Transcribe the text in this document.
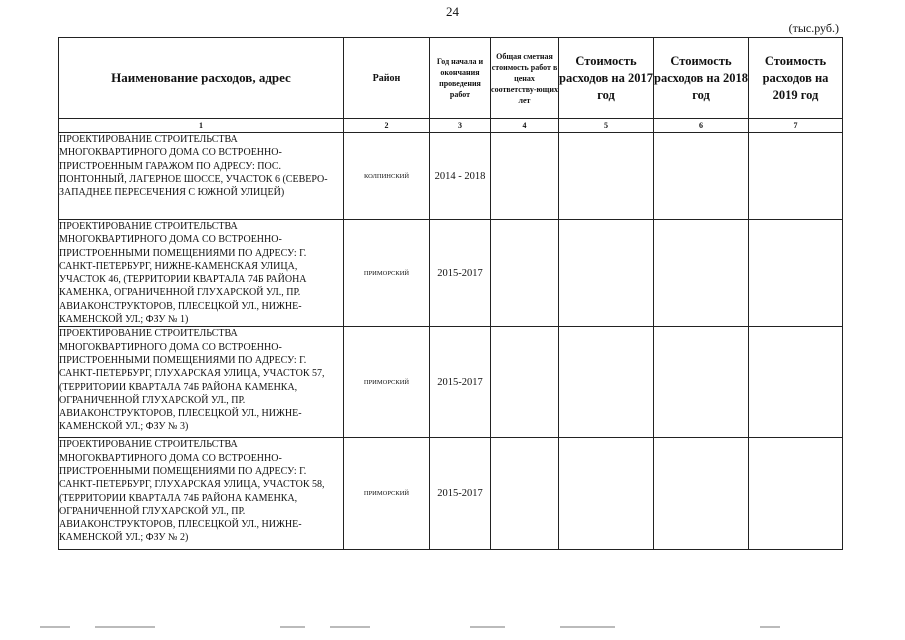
24
(тыс.руб.)
Наименование расходов, адрес	Район	Год начала и окончания проведения работ	Общая сметная стоимость работ в ценах соответству-ющих лет	Стоимость расходов на 2017 год	Стоимость расходов на 2018 год	Стоимость расходов на 2019 год
1	2	3	4	5	6	7
ПРОЕКТИРОВАНИЕ СТРОИТЕЛЬСТВА МНОГОКВАРТИРНОГО ДОМА СО ВСТРОЕННО-ПРИСТРОЕННЫМ ГАРАЖОМ ПО АДРЕСУ: ПОС. ПОНТОННЫЙ, ЛАГЕРНОЕ ШОССЕ, УЧАСТОК 6 (СЕВЕРО-ЗАПАДНЕЕ ПЕРЕСЕЧЕНИЯ С ЮЖНОЙ УЛИЦЕЙ)	КОЛПИНСКИЙ	2014 - 2018				
ПРОЕКТИРОВАНИЕ СТРОИТЕЛЬСТВА МНОГОКВАРТИРНОГО ДОМА СО ВСТРОЕННО-ПРИСТРОЕННЫМИ ПОМЕЩЕНИЯМИ ПО АДРЕСУ: Г. САНКТ-ПЕТЕРБУРГ, НИЖНЕ-КАМЕНСКАЯ УЛИЦА, УЧАСТОК 46, (ТЕРРИТОРИИ КВАРТАЛА 74Б РАЙОНА КАМЕНКА, ОГРАНИЧЕННОЙ ГЛУХАРСКОЙ УЛ., ПР. АВИАКОНСТРУКТОРОВ, ПЛЕСЕЦКОЙ УЛ., НИЖНЕ-КАМЕНСКОЙ УЛ.; ФЗУ № 1)	ПРИМОРСКИЙ	2015-2017				
ПРОЕКТИРОВАНИЕ СТРОИТЕЛЬСТВА МНОГОКВАРТИРНОГО ДОМА СО ВСТРОЕННО-ПРИСТРОЕННЫМИ ПОМЕЩЕНИЯМИ ПО АДРЕСУ: Г. САНКТ-ПЕТЕРБУРГ, ГЛУХАРСКАЯ УЛИЦА, УЧАСТОК 57, (ТЕРРИТОРИИ КВАРТАЛА 74Б РАЙОНА КАМЕНКА, ОГРАНИЧЕННОЙ ГЛУХАРСКОЙ УЛ., ПР. АВИАКОНСТРУКТОРОВ, ПЛЕСЕЦКОЙ УЛ., НИЖНЕ-КАМЕНСКОЙ УЛ.; ФЗУ № 3)	ПРИМОРСКИЙ	2015-2017				
ПРОЕКТИРОВАНИЕ СТРОИТЕЛЬСТВА МНОГОКВАРТИРНОГО ДОМА СО ВСТРОЕННО-ПРИСТРОЕННЫМИ ПОМЕЩЕНИЯМИ ПО АДРЕСУ: Г. САНКТ-ПЕТЕРБУРГ, ГЛУХАРСКАЯ УЛИЦА, УЧАСТОК 58, (ТЕРРИТОРИИ КВАРТАЛА 74Б РАЙОНА КАМЕНКА, ОГРАНИЧЕННОЙ ГЛУХАРСКОЙ УЛ., ПР. АВИАКОНСТРУКТОРОВ, ПЛЕСЕЦКОЙ УЛ., НИЖНЕ-КАМЕНСКОЙ УЛ.; ФЗУ № 2)	ПРИМОРСКИЙ	2015-2017				
